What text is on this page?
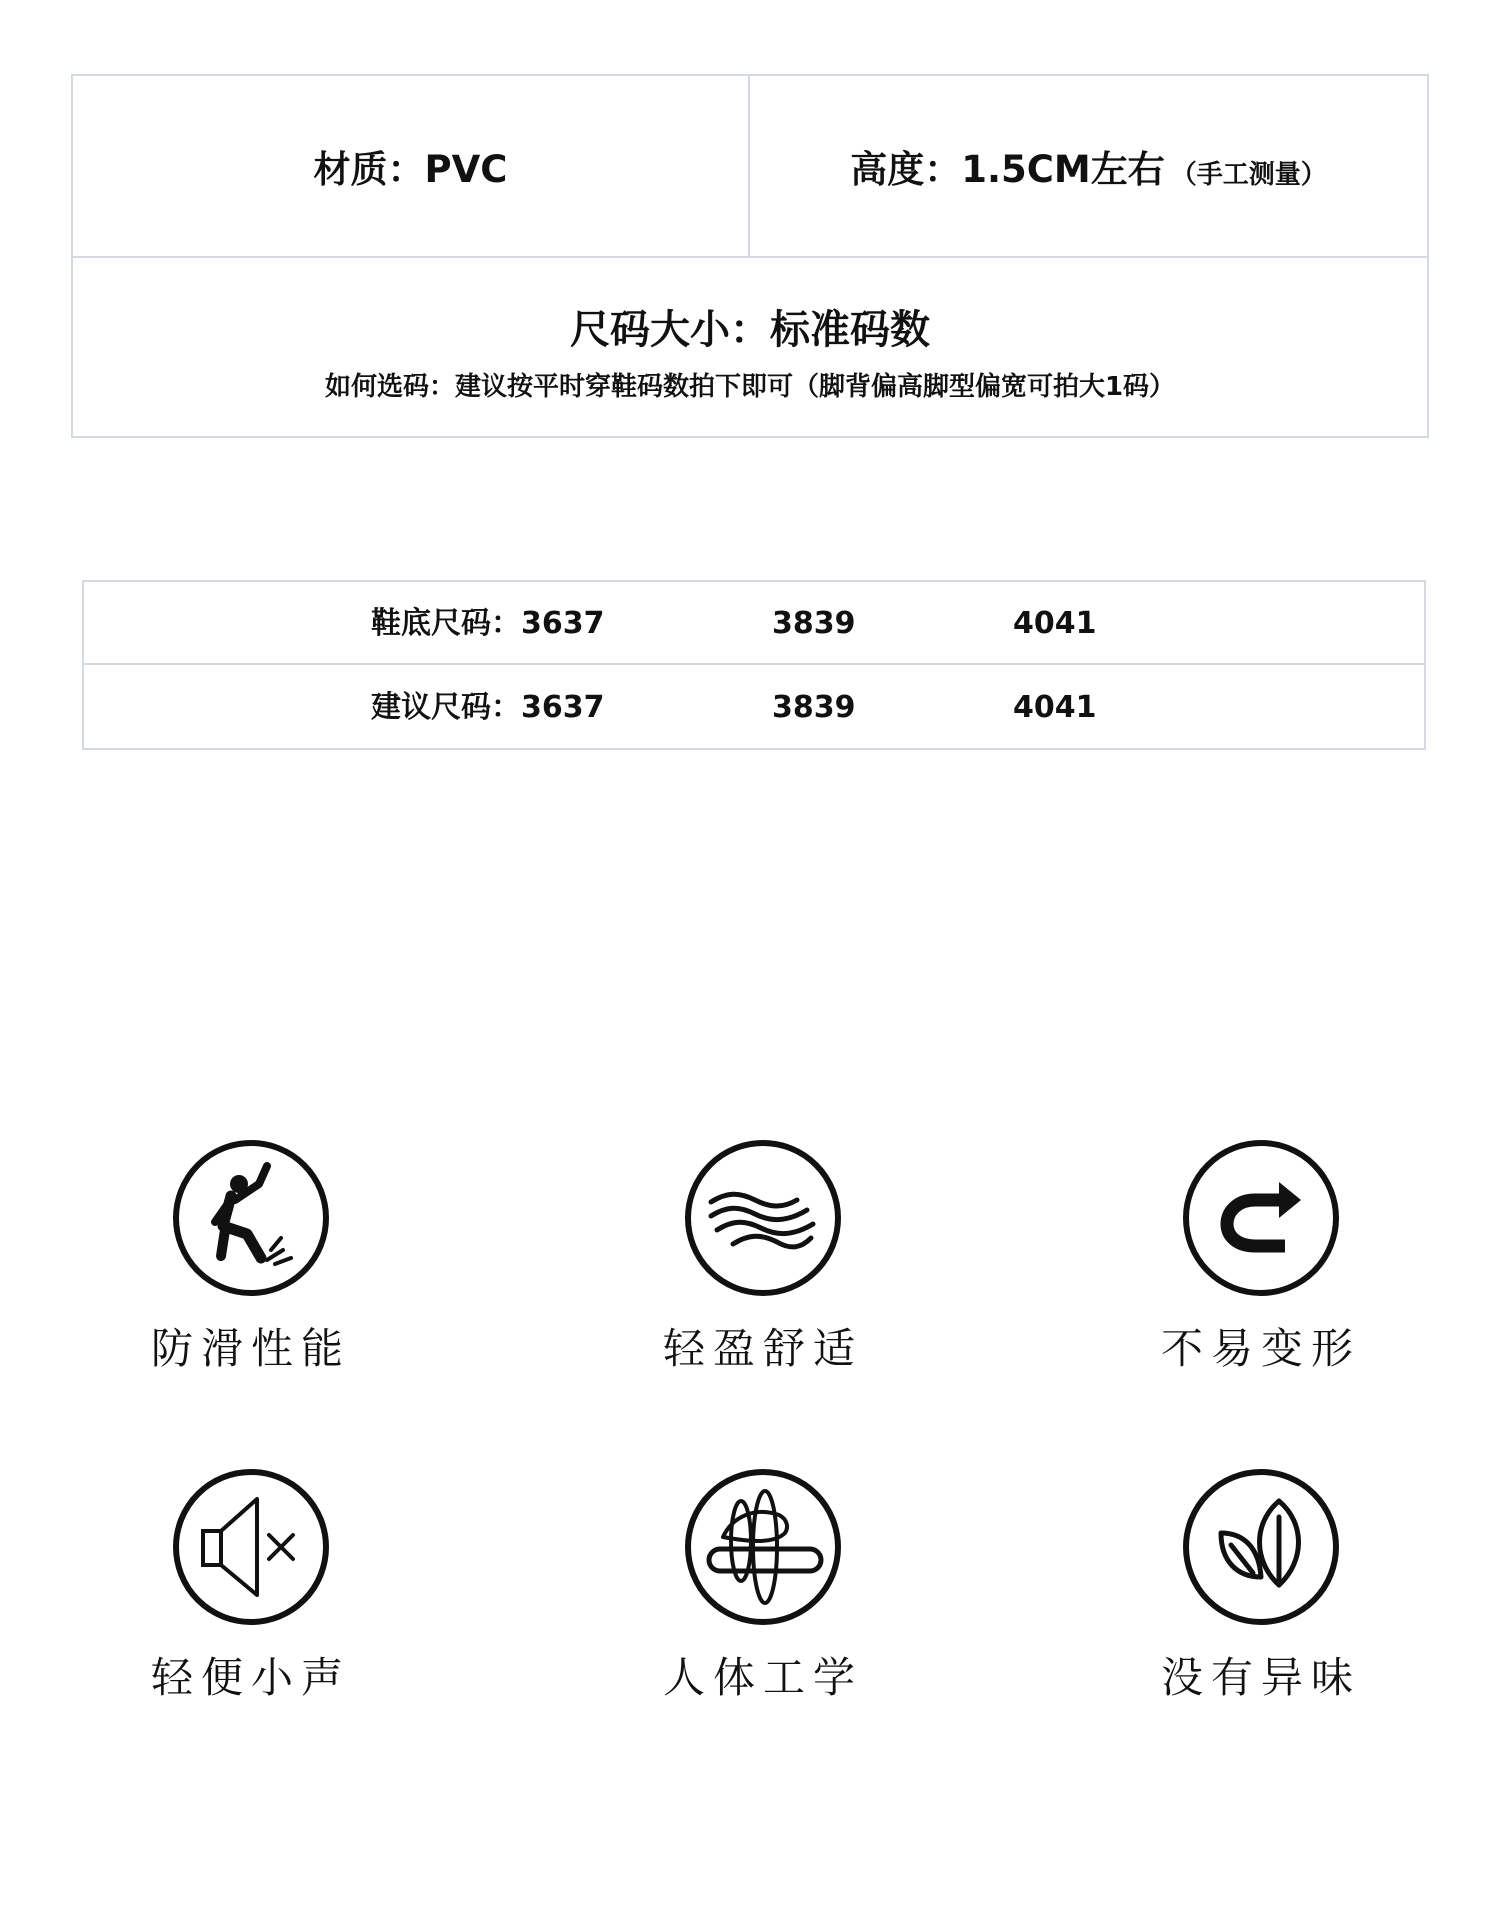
材质：PVC	高度：1.5CM左右 （手工测量）
尺码大小：标准码数
如何选码：建议按平时穿鞋码数拍下即可（脚背偏高脚型偏宽可拍大1码）
鞋底尺码：3637	3839	4041
建议尺码：3637	3839	4041
防滑性能	轻盈舒适	不易变形
轻便小声	人体工学	没有异味
